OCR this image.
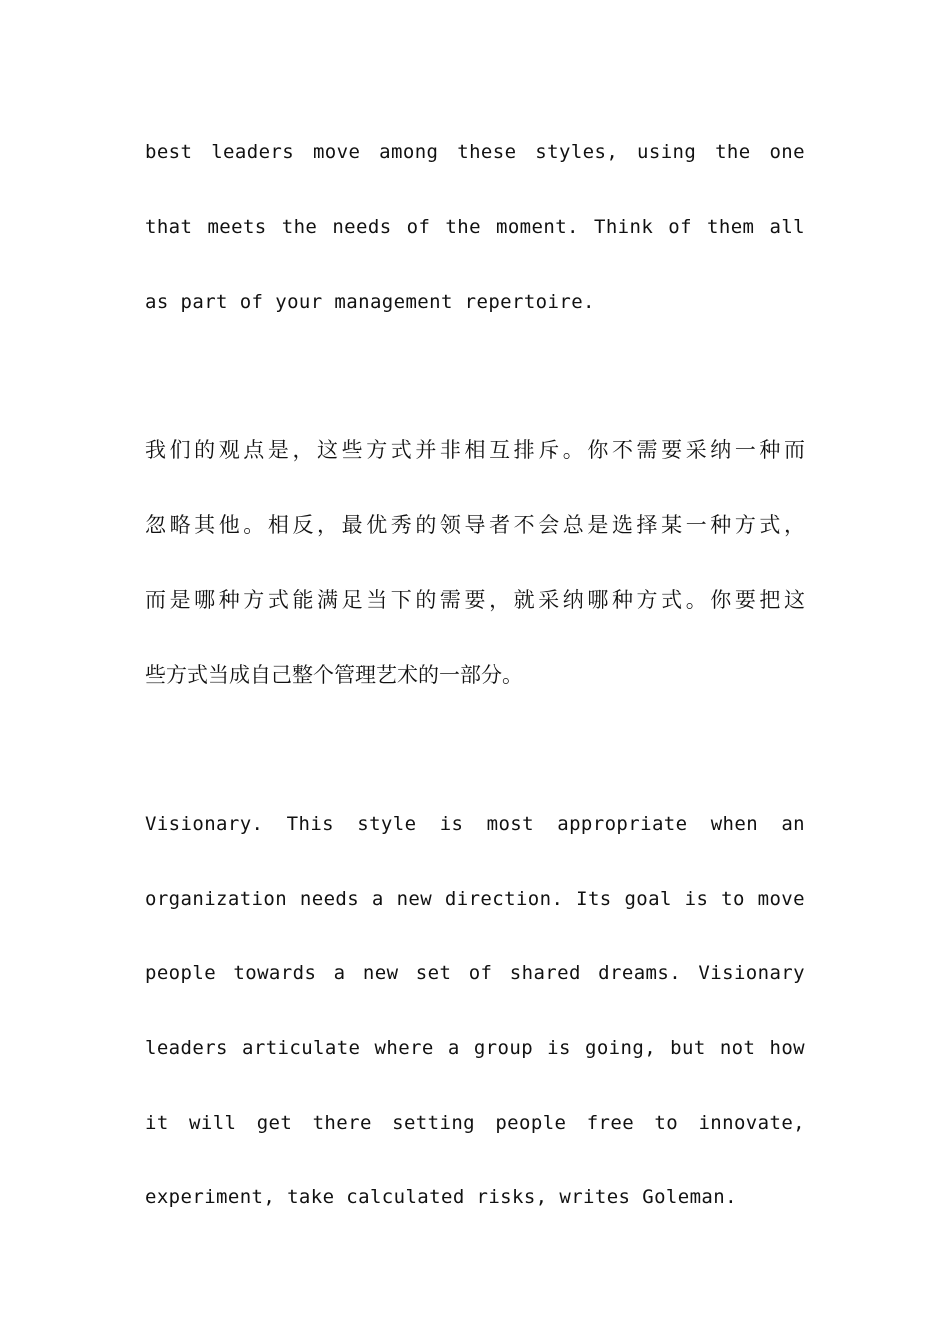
best leaders move among these styles, using the one
that meets the needs of the moment. Think of them all
as part of your management repertoire.
我们的观点是，这些方式并非相互排斥。你不需要采纳一种而
忽略其他。相反，最优秀的领导者不会总是选择某一种方式，
而是哪种方式能满足当下的需要，就采纳哪种方式。你要把这
些方式当成自己整个管理艺术的一部分。
Visionary. This style is most appropriate when an
organization needs a new direction. Its goal is to move
people towards a new set of shared dreams. Visionary
leaders articulate where a group is going, but not how
it will get there setting people free to innovate,
experiment, take calculated risks, writes Goleman.
